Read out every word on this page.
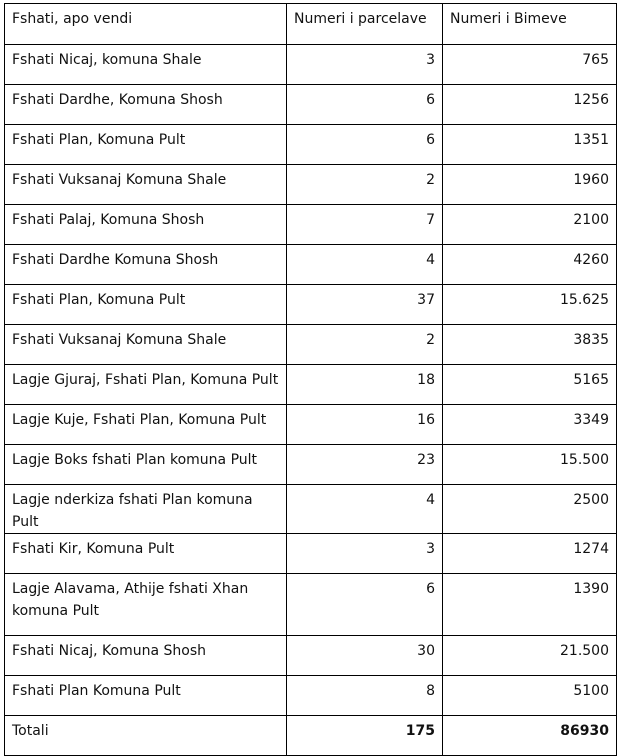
Fshati, apo vendi	Numeri i parcelave	Numeri i Bimeve
Fshati Nicaj, komuna Shale	3	765
Fshati Dardhe, Komuna Shosh	6	1256
Fshati Plan, Komuna Pult	6	1351
Fshati Vuksanaj Komuna Shale	2	1960
Fshati Palaj, Komuna Shosh	7	2100
Fshati Dardhe Komuna Shosh	4	4260
Fshati Plan, Komuna Pult	37	15.625
Fshati Vuksanaj Komuna Shale	2	3835
Lagje Gjuraj, Fshati Plan, Komuna Pult	18	5165
Lagje Kuje, Fshati Plan, Komuna Pult	16	3349
Lagje Boks fshati Plan komuna Pult	23	15.500
Lagje nderkiza fshati Plan komuna Pult	4	2500
Fshati Kir, Komuna Pult	3	1274
Lagje Alavama, Athije fshati Xhan komuna Pult	6	1390
Fshati Nicaj, Komuna Shosh	30	21.500
Fshati Plan Komuna Pult	8	5100
Totali	175	86930
